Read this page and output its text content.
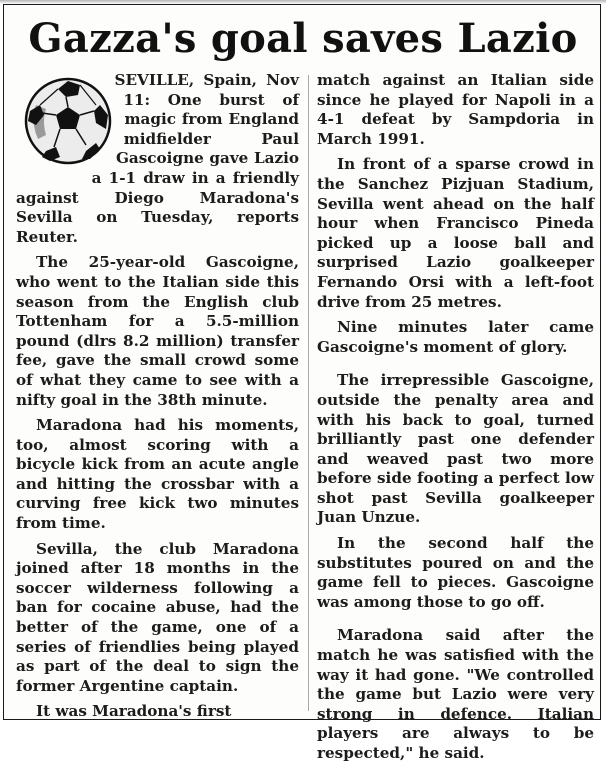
Gazza's goal saves Lazio

SEVILLE, Spain, Nov 11: One burst of magic from England midfielder Paul Gascoigne gave Lazio a 1-1 draw in a friendly against Diego Maradona's Sevilla on Tuesday, reports Reuter.

The 25-year-old Gascoigne, who went to the Italian side this season from the English club Tottenham for a 5.5-million pound (dlrs 8.2 million) transfer fee, gave the small crowd some of what they came to see with a nifty goal in the 38th minute.

Maradona had his moments, too, almost scoring with a bicycle kick from an acute angle and hitting the crossbar with a curving free kick two minutes from time.

Sevilla, the club Maradona joined after 18 months in the soccer wilderness following a ban for cocaine abuse, had the better of the game, one of a series of friendlies being played as part of the deal to sign the former Argentine captain.

It was Maradona's first

match against an Italian side since he played for Napoli in a 4-1 defeat by Sampdoria in March 1991.

In front of a sparse crowd in the Sanchez Pizjuan Stadium, Sevilla went ahead on the half hour when Francisco Pineda picked up a loose ball and surprised Lazio goalkeeper Fernando Orsi with a left-foot drive from 25 metres.

Nine minutes later came Gascoigne's moment of glory.

The irrepressible Gascoigne, outside the penalty area and with his back to goal, turned brilliantly past one defender and weaved past two more before side footing a perfect low shot past Sevilla goalkeeper Juan Unzue.

In the second half the substitutes poured on and the game fell to pieces. Gascoigne was among those to go off.

Maradona said after the match he was satisfied with the way it had gone. "We controlled the game but Lazio were very strong in defence. Italian players are always to be respected," he said.
